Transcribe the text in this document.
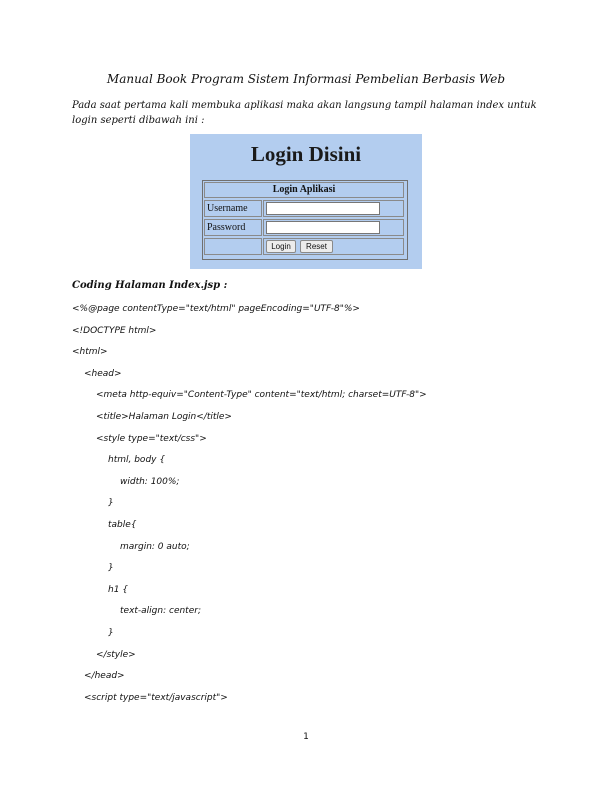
Manual Book Program Sistem Informasi Pembelian Berbasis Web
Pada saat pertama kali membuka aplikasi maka akan langsung tampil halaman index untuk login seperti dibawah ini :
Login Disini
Login Aplikasi
Username
Password
Login	Reset
Coding Halaman Index.jsp :
<%@page contentType="text/html" pageEncoding="UTF-8"%>
<!DOCTYPE html>
<html>
<head>
<meta http-equiv="Content-Type" content="text/html; charset=UTF-8">
<title>Halaman Login</title>
<style type="text/css">
html, body {
width: 100%;
}
table{
margin: 0 auto;
}
h1 {
text-align: center;
}
</style>
</head>
<script type="text/javascript">
1
